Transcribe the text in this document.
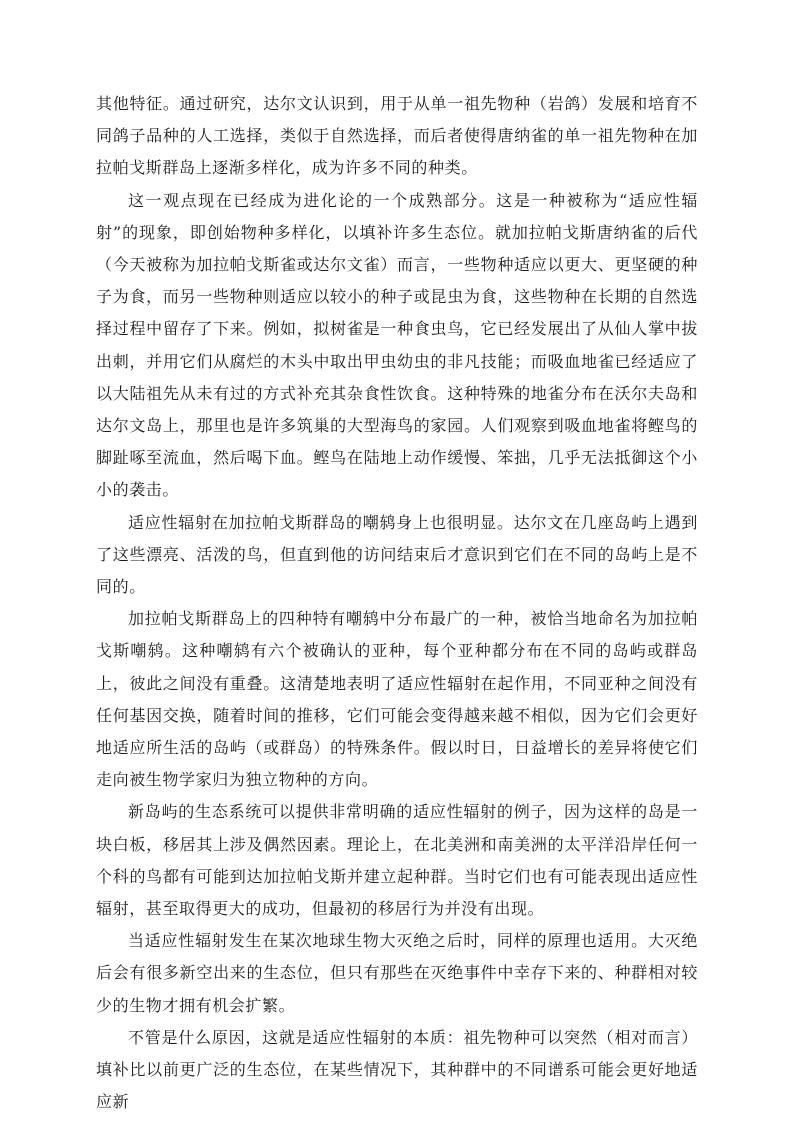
其他特征。通过研究，达尔文认识到，用于从单一祖先物种（岩鸽）发展和培育不同鸽子品种的人工选择，类似于自然选择，而后者使得唐纳雀的单一祖先物种在加拉帕戈斯群岛上逐渐多样化，成为许多不同的种类。

这一观点现在已经成为进化论的一个成熟部分。这是一种被称为“适应性辐射”的现象，即创始物种多样化，以填补许多生态位。就加拉帕戈斯唐纳雀的后代（今天被称为加拉帕戈斯雀或达尔文雀）而言，一些物种适应以更大、更坚硬的种子为食，而另一些物种则适应以较小的种子或昆虫为食，这些物种在长期的自然选择过程中留存了下来。例如，拟树雀是一种食虫鸟，它已经发展出了从仙人掌中拔出刺，并用它们从腐烂的木头中取出甲虫幼虫的非凡技能；而吸血地雀已经适应了以大陆祖先从未有过的方式补充其杂食性饮食。这种特殊的地雀分布在沃尔夫岛和达尔文岛上，那里也是许多筑巢的大型海鸟的家园。人们观察到吸血地雀将鲣鸟的脚趾啄至流血，然后喝下血。鲣鸟在陆地上动作缓慢、笨拙，几乎无法抵御这个小小的袭击。

适应性辐射在加拉帕戈斯群岛的嘲鸫身上也很明显。达尔文在几座岛屿上遇到了这些漂亮、活泼的鸟，但直到他的访问结束后才意识到它们在不同的岛屿上是不同的。

加拉帕戈斯群岛上的四种特有嘲鸫中分布最广的一种，被恰当地命名为加拉帕戈斯嘲鸫。这种嘲鸫有六个被确认的亚种，每个亚种都分布在不同的岛屿或群岛上，彼此之间没有重叠。这清楚地表明了适应性辐射在起作用，不同亚种之间没有任何基因交换，随着时间的推移，它们可能会变得越来越不相似，因为它们会更好地适应所生活的岛屿（或群岛）的特殊条件。假以时日，日益增长的差异将使它们走向被生物学家归为独立物种的方向。

新岛屿的生态系统可以提供非常明确的适应性辐射的例子，因为这样的岛是一块白板，移居其上涉及偶然因素。理论上，在北美洲和南美洲的太平洋沿岸任何一个科的鸟都有可能到达加拉帕戈斯并建立起种群。当时它们也有可能表现出适应性辐射，甚至取得更大的成功，但最初的移居行为并没有出现。

当适应性辐射发生在某次地球生物大灭绝之后时，同样的原理也适用。大灭绝后会有很多新空出来的生态位，但只有那些在灭绝事件中幸存下来的、种群相对较少的生物才拥有机会扩繁。

不管是什么原因，这就是适应性辐射的本质：祖先物种可以突然（相对而言）填补比以前更广泛的生态位，在某些情况下，其种群中的不同谱系可能会更好地适应新
